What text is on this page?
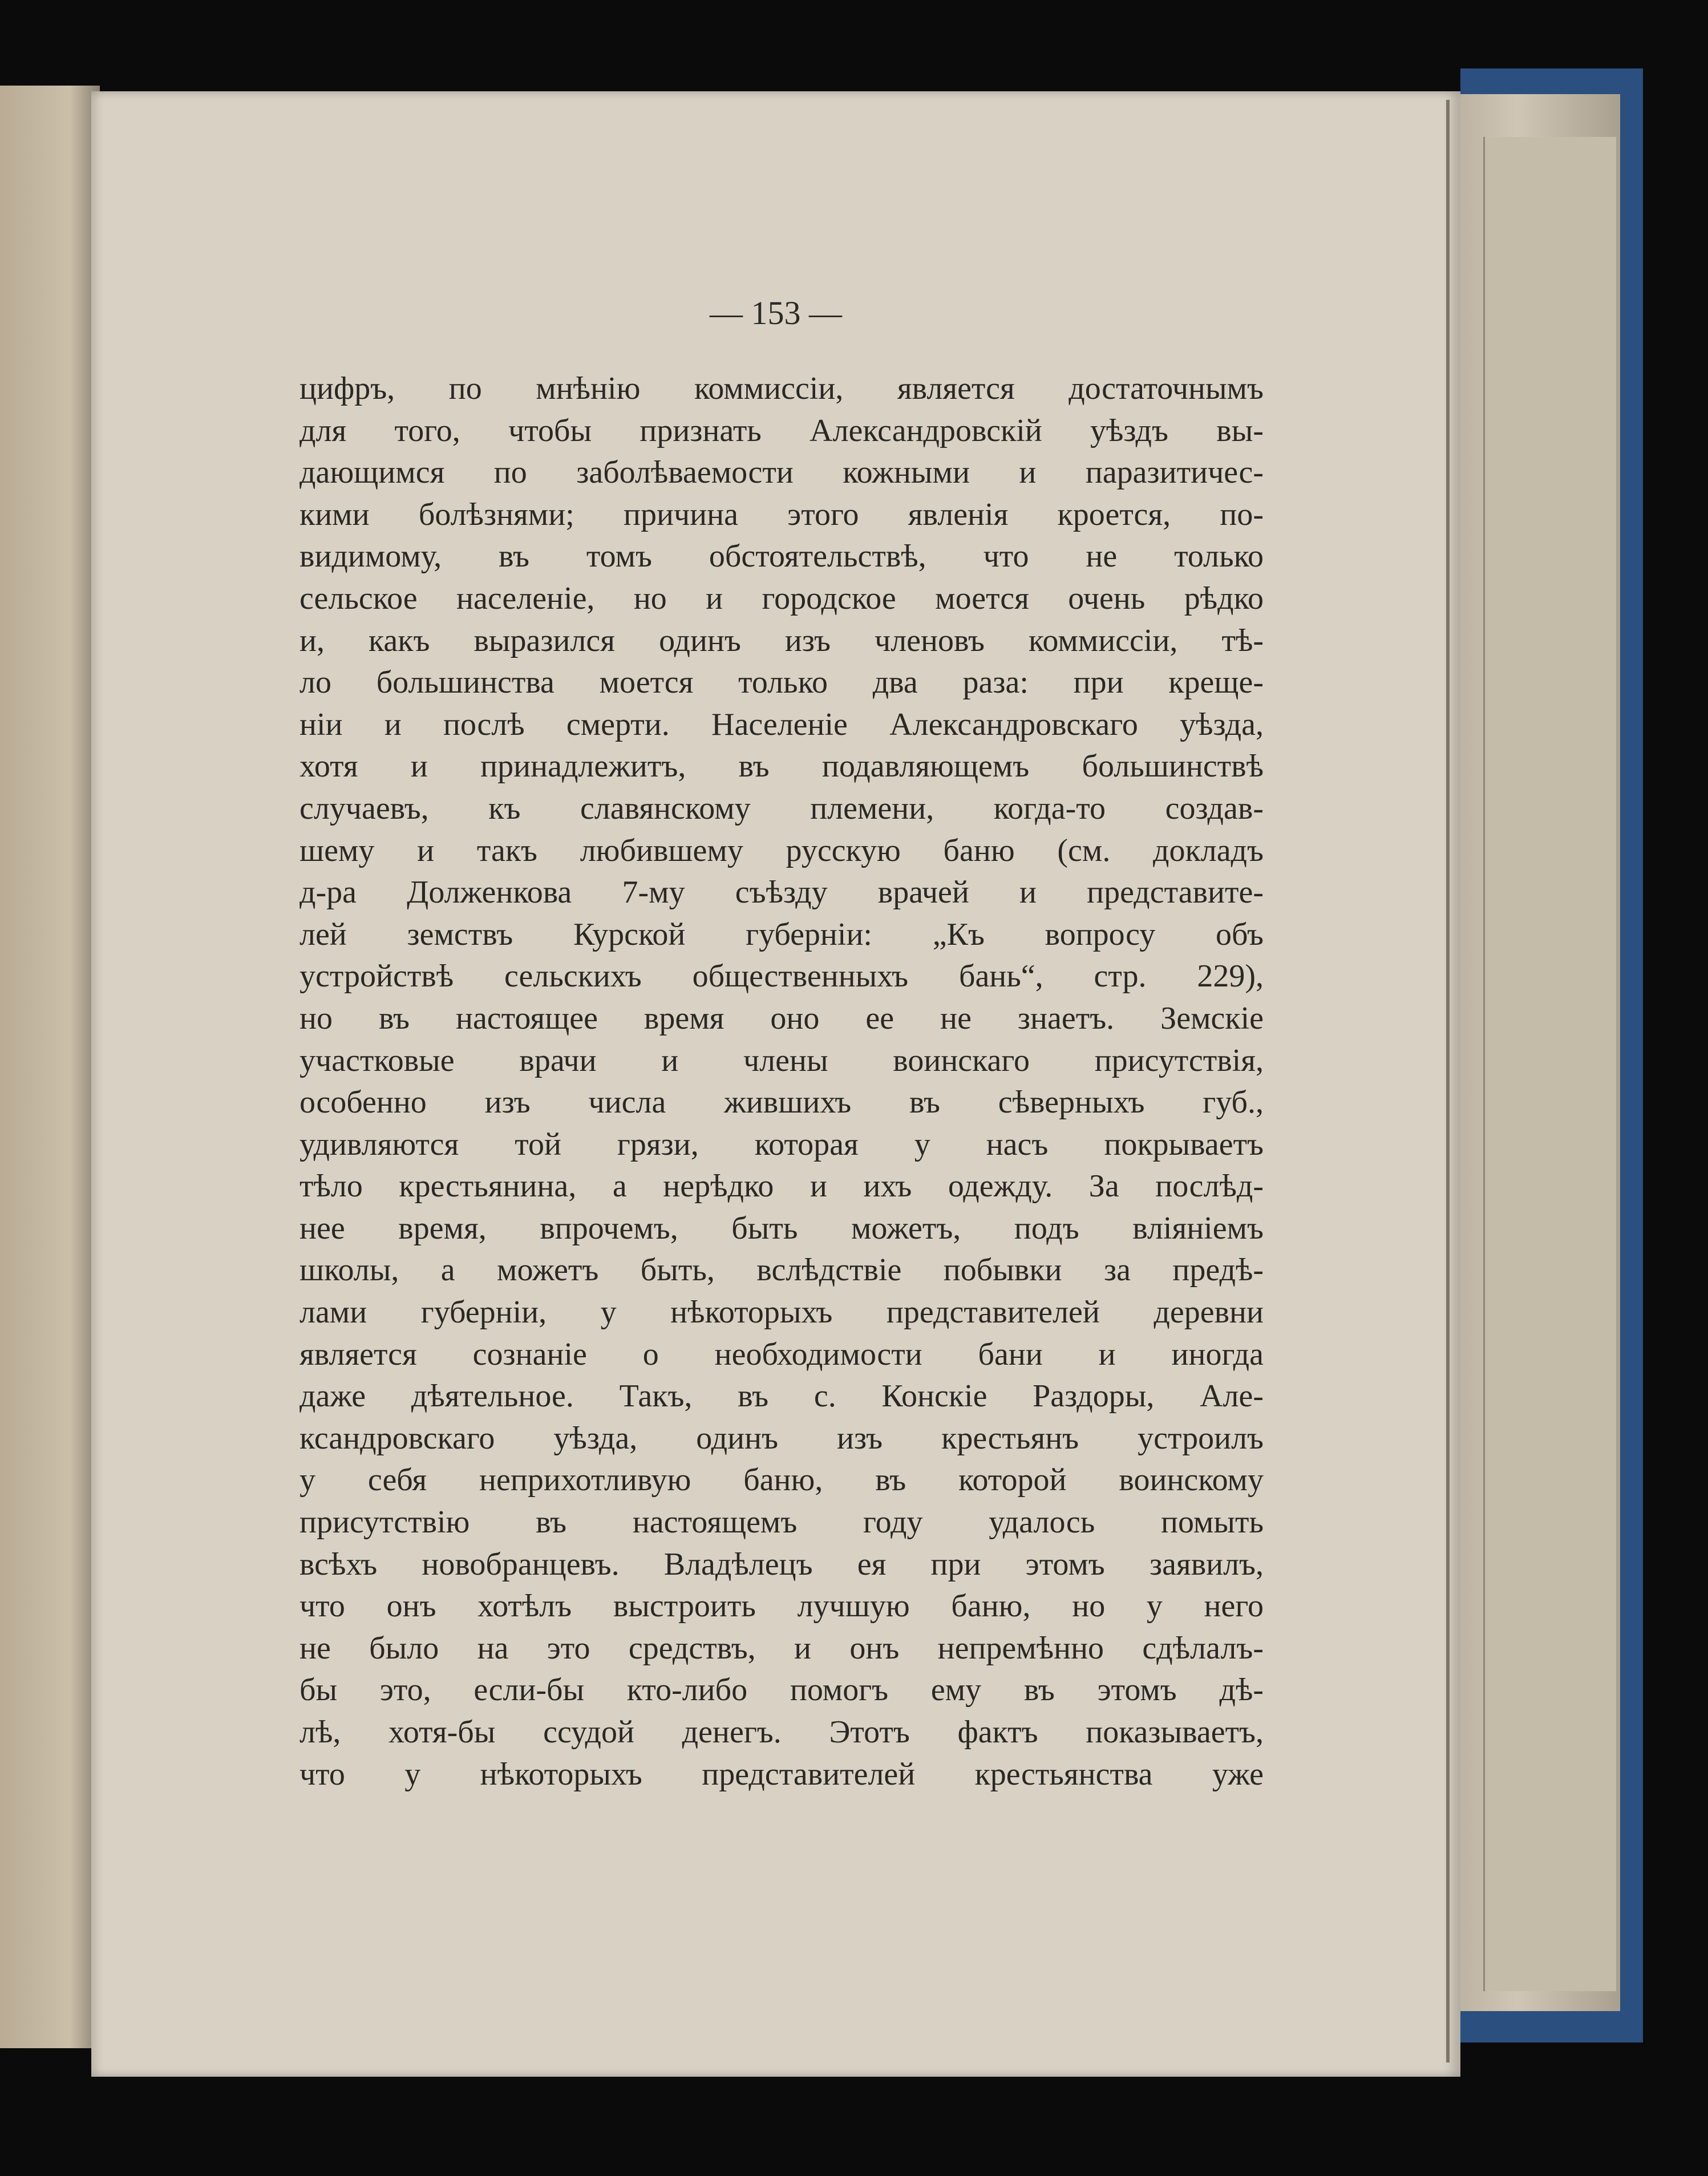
— 153 —

цифръ, по мнѣнію коммиссіи, является достаточнымъ
для того, чтобы признать Александровскій уѣздъ вы-
дающимся по заболѣваемости кожными и паразитичес-
кими болѣзнями; причина этого явленія кроется, по-
видимому, въ томъ обстоятельствѣ, что не только
сельское населеніе, но и городское моется очень рѣдко
и, какъ выразился одинъ изъ членовъ коммиссіи, тѣ-
ло большинства моется только два раза: при креще-
ніи и послѣ смерти. Населеніе Александровскаго уѣзда,
хотя и принадлежитъ, въ подавляющемъ большинствѣ
случаевъ, къ славянскому племени, когда-то создав-
шему и такъ любившему русскую баню (см. докладъ
д-ра Долженкова 7-му съѣзду врачей и представите-
лей земствъ Курской губерніи: „Къ вопросу объ
устройствѣ сельскихъ общественныхъ бань“, стр. 229),
но въ настоящее время оно ее не знаетъ. Земскіе
участковые врачи и члены воинскаго присутствія,
особенно изъ числа жившихъ въ сѣверныхъ губ.,
удивляются той грязи, которая у насъ покрываетъ
тѣло крестьянина, а нерѣдко и ихъ одежду. За послѣд-
нее время, впрочемъ, быть можетъ, подъ вліяніемъ
школы, а можетъ быть, вслѣдствіе побывки за предѣ-
лами губерніи, у нѣкоторыхъ представителей деревни
является сознаніе о необходимости бани и иногда
даже дѣятельное. Такъ, въ с. Конскіе Раздоры, Але-
ксандровскаго уѣзда, одинъ изъ крестьянъ устроилъ
у себя неприхотливую баню, въ которой воинскому
присутствію въ настоящемъ году удалось помыть
всѣхъ новобранцевъ. Владѣлецъ ея при этомъ заявилъ,
что онъ хотѣлъ выстроить лучшую баню, но у него
не было на это средствъ, и онъ непремѣнно сдѣлалъ-
бы это, если-бы кто-либо помогъ ему въ этомъ дѣ-
лѣ, хотя-бы ссудой денегъ. Этотъ фактъ показываетъ,
что у нѣкоторыхъ представителей крестьянства уже
